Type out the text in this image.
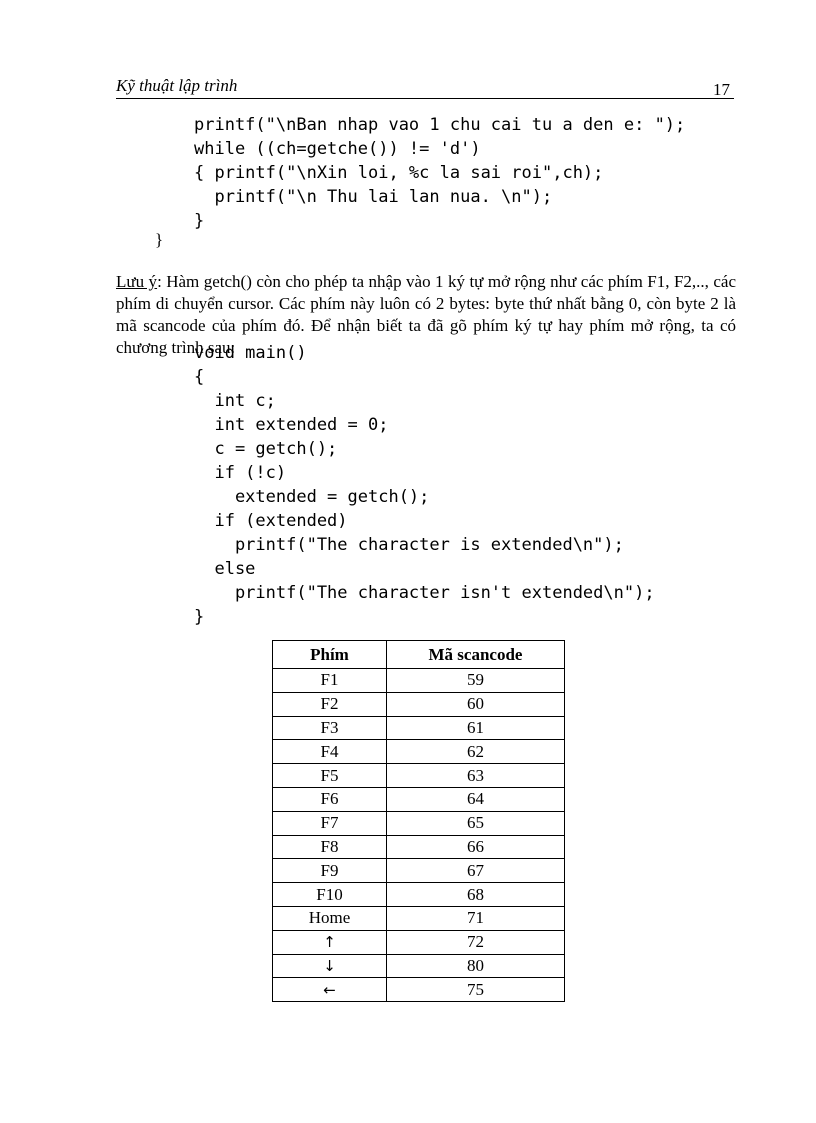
Kỹ thuật lập trình	17
printf("\nBan nhap vao 1 chu cai tu a den e: ");
while ((ch=getche()) != 'd')
{ printf("\nXin loi, %c la sai roi",ch);
printf("\n Thu lai lan nua. \n");
}
}

Lưu ý: Hàm getch() còn cho phép ta nhập vào 1 ký tự mở rộng như các phím F1, F2,.., các phím di chuyển cursor. Các phím này luôn có 2 bytes: byte thứ nhất bằng 0, còn byte 2 là mã scancode của phím đó. Để nhận biết ta đã gõ phím ký tự hay phím mở rộng, ta có chương trình sau:

void main()
{
int c;
int extended = 0;
c = getch();
if (!c)
extended = getch();
if (extended)
printf("The character is extended\n");
else
printf("The character isn't extended\n");
}
Phím	Mã scancode
F1	59
F2	60
F3	61
F4	62
F5	63
F6	64
F7	65
F8	66
F9	67
F10	68
Home	71
↑	72
↓	80
←	75
